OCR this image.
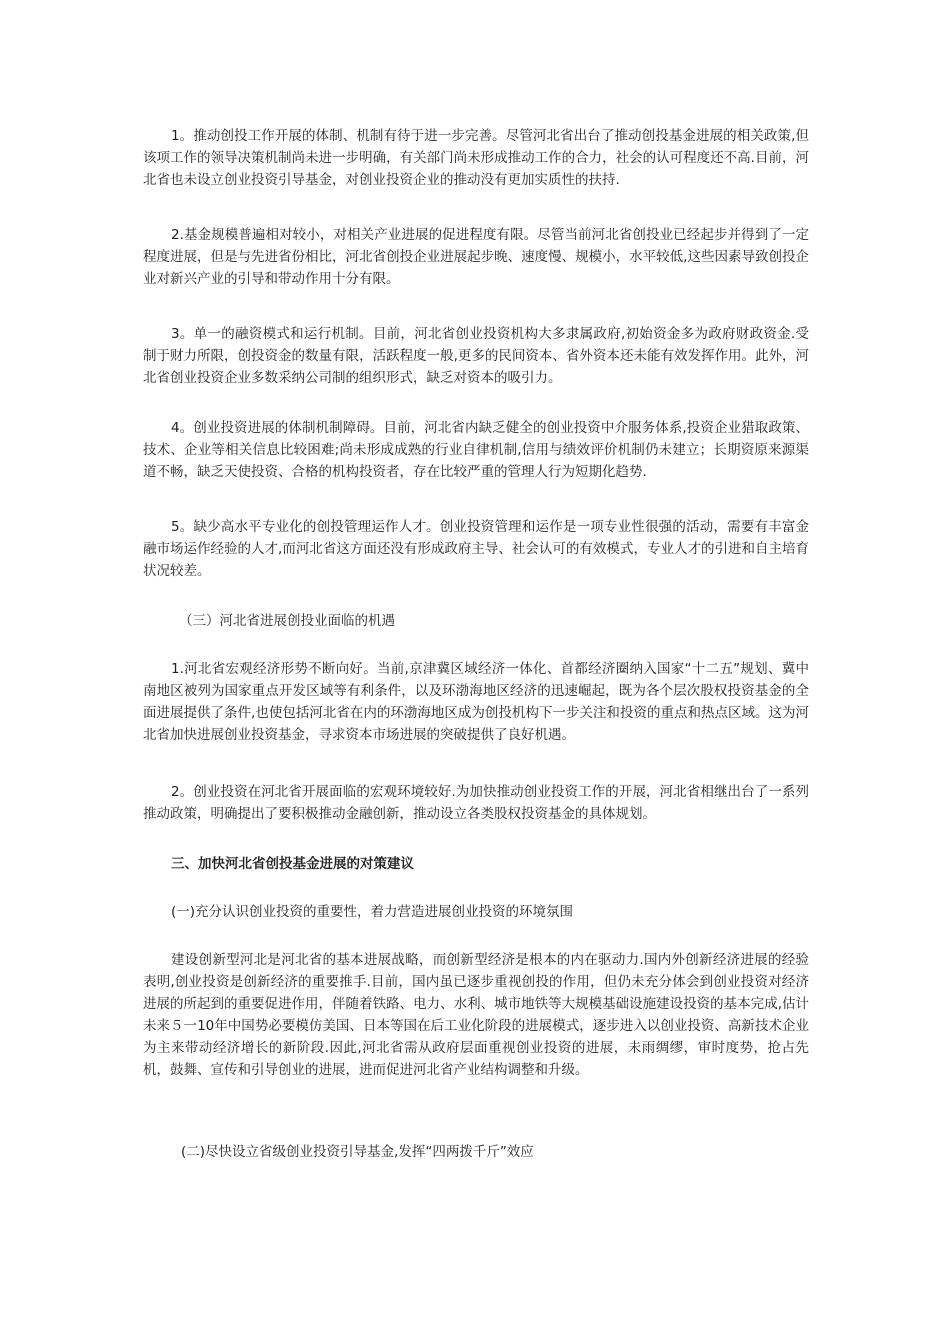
1。推动创投工作开展的体制、机制有待于进一步完善。尽管河北省出台了推动创投基金进展的相关政策,但该项工作的领导决策机制尚未进一步明确，有关部门尚未形成推动工作的合力，社会的认可程度还不高.目前，河北省也未设立创业投资引导基金，对创业投资企业的推动没有更加实质性的扶持.

2.基金规模普遍相对较小，对相关产业进展的促进程度有限。尽管当前河北省创投业已经起步并得到了一定程度进展，但是与先进省份相比，河北省创投企业进展起步晚、速度慢、规模小，水平较低,这些因素导致创投企业对新兴产业的引导和带动作用十分有限。

3。单一的融资模式和运行机制。目前，河北省创业投资机构大多隶属政府,初始资金多为政府财政资金.受制于财力所限，创投资金的数量有限，活跃程度一般,更多的民间资本、省外资本还未能有效发挥作用。此外，河北省创业投资企业多数采纳公司制的组织形式，缺乏对资本的吸引力。

4。创业投资进展的体制机制障碍。目前，河北省内缺乏健全的创业投资中介服务体系,投资企业猎取政策、技术、企业等相关信息比较困难;尚未形成成熟的行业自律机制,信用与绩效评价机制仍未建立；长期资原来源渠道不畅，缺乏天使投资、合格的机构投资者，存在比较严重的管理人行为短期化趋势.

5。缺少高水平专业化的创投管理运作人才。创业投资管理和运作是一项专业性很强的活动，需要有丰富金融市场运作经验的人才,而河北省这方面还没有形成政府主导、社会认可的有效模式，专业人才的引进和自主培育状况较差。

（三）河北省进展创投业面临的机遇

1.河北省宏观经济形势不断向好。当前,京津冀区域经济一体化、首都经济圈纳入国家“十二五”规划、冀中南地区被列为国家重点开发区域等有利条件，以及环渤海地区经济的迅速崛起，既为各个层次股权投资基金的全面进展提供了条件,也使包括河北省在内的环渤海地区成为创投机构下一步关注和投资的重点和热点区域。这为河北省加快进展创业投资基金，寻求资本市场进展的突破提供了良好机遇。

2。创业投资在河北省开展面临的宏观环境较好.为加快推动创业投资工作的开展，河北省相继出台了一系列推动政策，明确提出了要积极推动金融创新，推动设立各类股权投资基金的具体规划。

三、加快河北省创投基金进展的对策建议

(一)充分认识创业投资的重要性，着力营造进展创业投资的环境氛围

建设创新型河北是河北省的基本进展战略，而创新型经济是根本的内在驱动力.国内外创新经济进展的经验表明,创业投资是创新经济的重要推手.目前，国内虽已逐步重视创投的作用，但仍未充分体会到创业投资对经济进展的所起到的重要促进作用，伴随着铁路、电力、水利、城市地铁等大规模基础设施建设投资的基本完成,估计未来５一10年中国势必要模仿美国、日本等国在后工业化阶段的进展模式，逐步进入以创业投资、高新技术企业为主来带动经济增长的新阶段.因此,河北省需从政府层面重视创业投资的进展，未雨绸缪，审时度势，抢占先机，鼓舞、宣传和引导创业的进展，进而促进河北省产业结构调整和升级。

(二)尽快设立省级创业投资引导基金,发挥“四两拨千斤”效应
